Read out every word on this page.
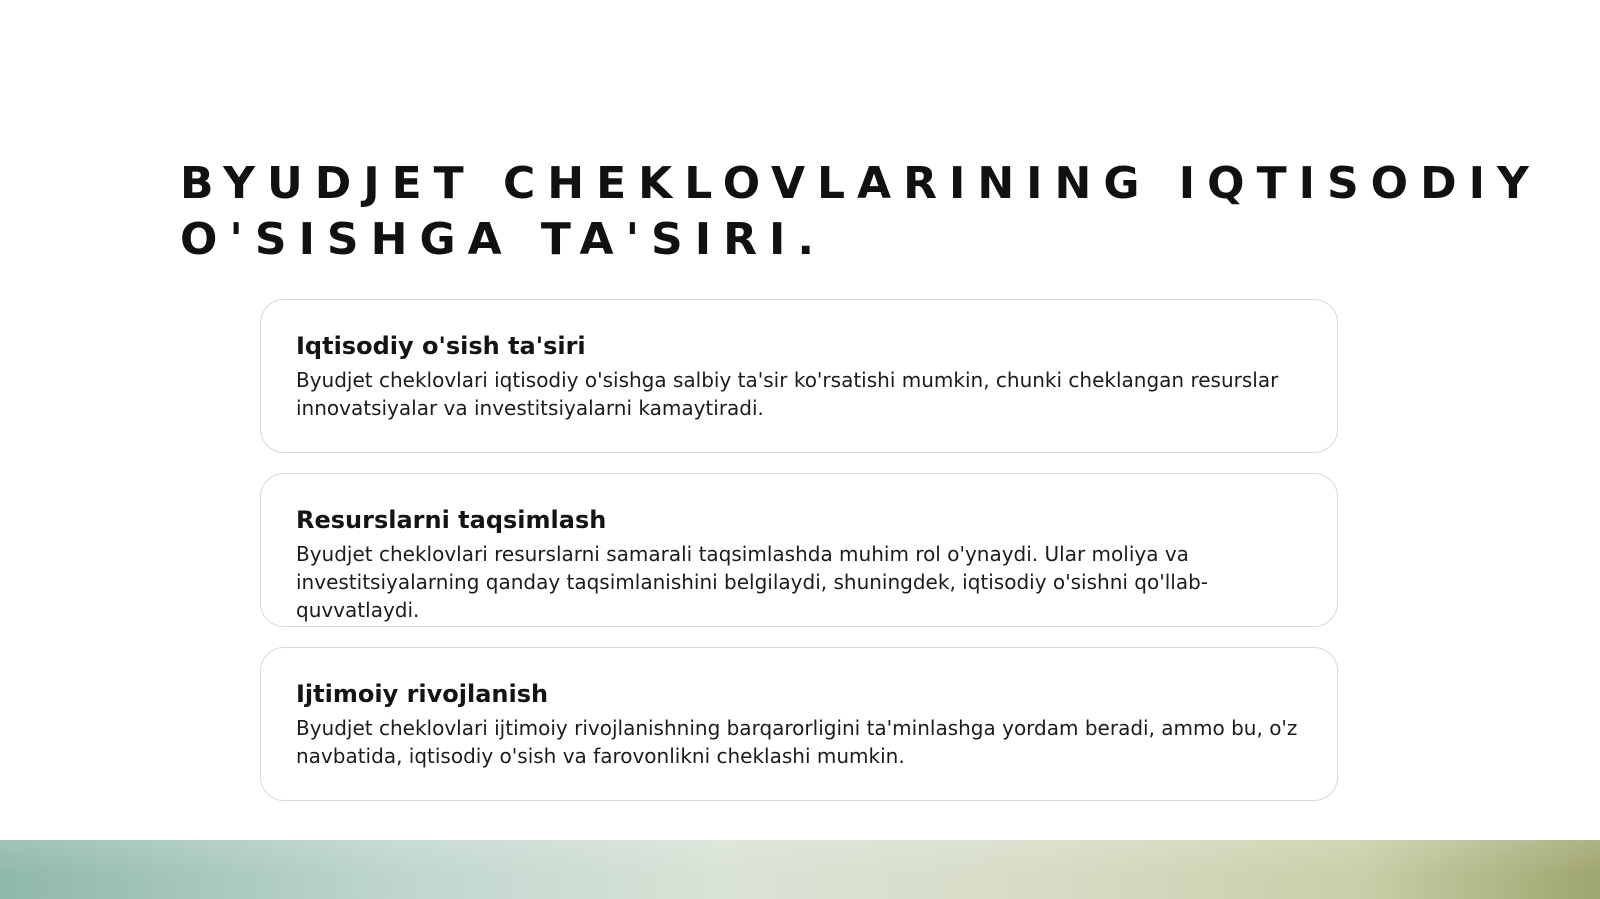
BYUDJET CHEKLOVLARINING IQTISODIY O'SISHGA TA'SIRI.
Iqtisodiy o'sish ta'siri

Byudjet cheklovlari iqtisodiy o'sishga salbiy ta'sir ko'rsatishi mumkin, chunki cheklangan resurslar innovatsiyalar va investitsiyalarni kamaytiradi.

Resurslarni taqsimlash

Byudjet cheklovlari resurslarni samarali taqsimlashda muhim rol o'ynaydi. Ular moliya va investitsiyalarning qanday taqsimlanishini belgilaydi, shuningdek, iqtisodiy o'sishni qo'llab-quvvatlaydi.

Ijtimoiy rivojlanish

Byudjet cheklovlari ijtimoiy rivojlanishning barqarorligini ta'minlashga yordam beradi, ammo bu, o'z navbatida, iqtisodiy o'sish va farovonlikni cheklashi mumkin.
